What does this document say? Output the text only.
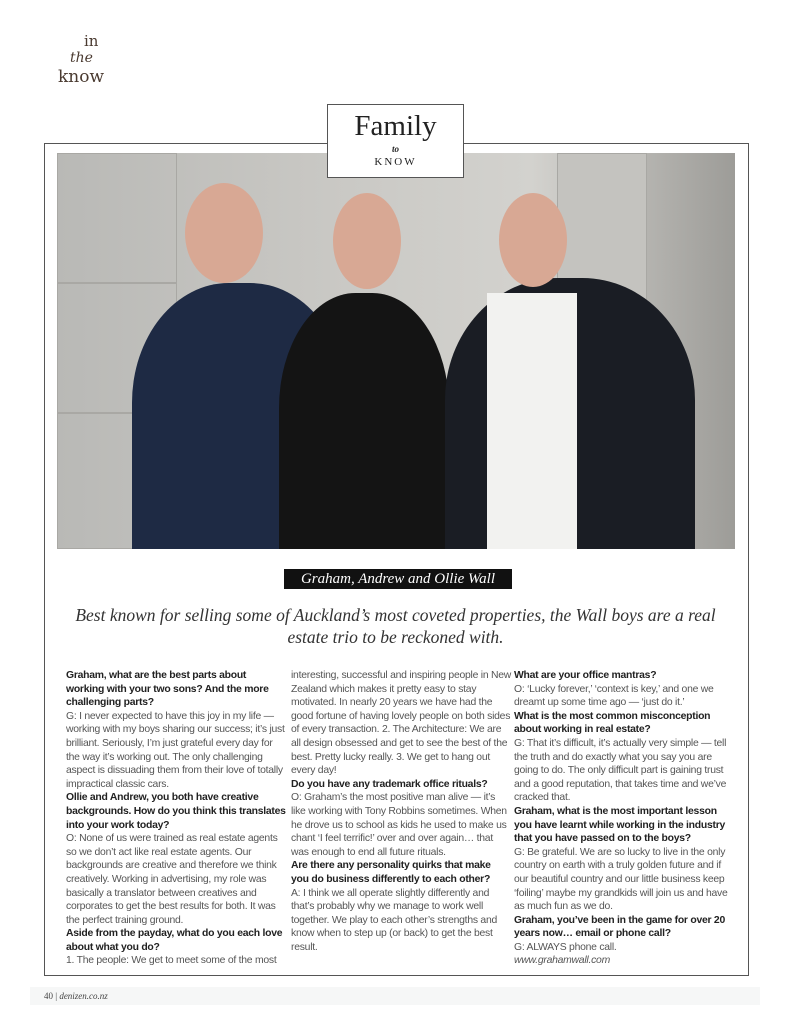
in
the
know
Family
to
KNOW
Graham, Andrew and Ollie Wall
Best known for selling some of Auckland’s most coveted properties, the Wall boys are a real estate trio to be reckoned with.

Graham, what are the best parts about working with your two sons? And the more challenging parts?

G: I never expected to have this joy in my life — working with my boys sharing our success; it’s just brilliant. Seriously, I’m just grateful every day for the way it’s working out. The only challenging aspect is dissuading them from their love of totally impractical classic cars.

Ollie and Andrew, you both have creative backgrounds. How do you think this translates into your work today?

O: None of us were trained as real estate agents so we don’t act like real estate agents. Our backgrounds are creative and therefore we think creatively. Working in advertising, my role was basically a translator between creatives and corporates to get the best results for both. It was the perfect training ground.

Aside from the payday, what do you each love about what you do?

1. The people: We get to meet some of the most

interesting, successful and inspiring people in New Zealand which makes it pretty easy to stay motivated. In nearly 20 years we have had the good fortune of having lovely people on both sides of every transaction. 2. The Architecture: We are all design obsessed and get to see the best of the best. Pretty lucky really. 3. We get to hang out every day!

Do you have any trademark office rituals?

O: Graham’s the most positive man alive — it’s like working with Tony Robbins sometimes. When he drove us to school as kids he used to make us chant ‘I feel terrific!’ over and over again… that was enough to end all future rituals.

Are there any personality quirks that make you do business differently to each other?

A: I think we all operate slightly differently and that’s probably why we manage to work well together. We play to each other’s strengths and know when to step up (or back) to get the best result.

What are your office mantras?

O: ‘Lucky forever,’ ‘context is key,’ and one we dreamt up some time ago — ‘just do it.’

What is the most common misconception about working in real estate?

G: That it’s difficult, it’s actually very simple — tell the truth and do exactly what you say you are going to do. The only difficult part is gaining trust and a good reputation, that takes time and we’ve cracked that.

Graham, what is the most important lesson you have learnt while working in the industry that you have passed on to the boys?

G: Be grateful. We are so lucky to live in the only country on earth with a truly golden future and if our beautiful country and our little business keep ‘foiling’ maybe my grandkids will join us and have as much fun as we do.

Graham, you’ve been in the game for over 20 years now… email or phone call?

G: ALWAYS phone call.

www.grahamwall.com

40 | denizen.co.nz
